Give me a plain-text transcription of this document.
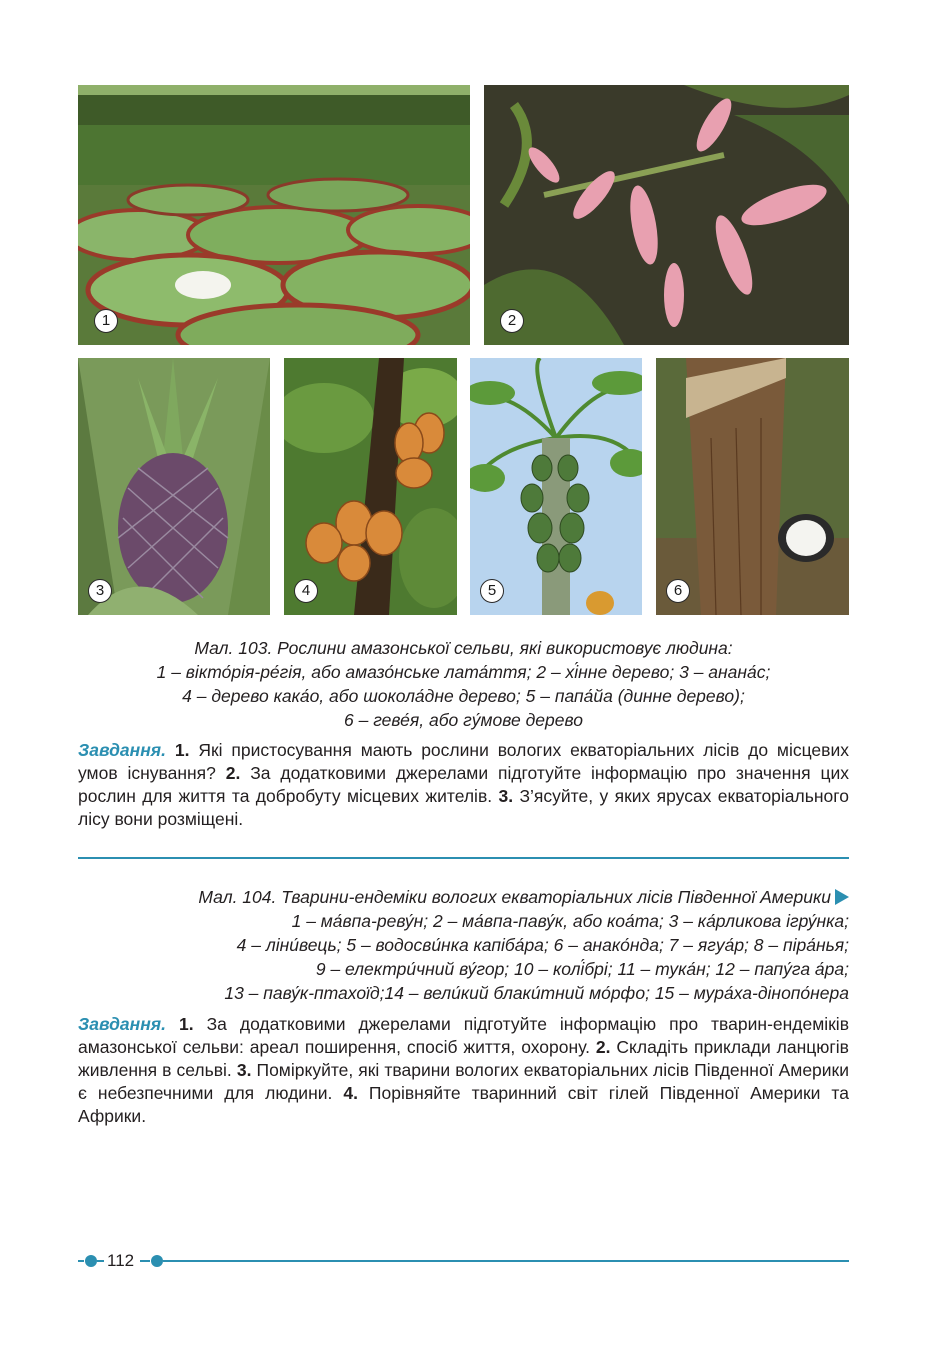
1	2
3	4	5	6
Мал. 103. Рослини амазонської сельви, які використовує людина:
1 – вікто́рія-ре́гія, або амазо́нське лата́ття; 2 – хі́нне дерево; 3 – анана́с;
4 – дерево кака́о, або шокола́дне дерево; 5 – папа́йа (динне дерево);
6 – геве́я, або гу́мове дерево
Завдання. 1. Які пристосування мають рослини вологих екваторіальних лісів до місцевих умов існування? 2. За додатковими джерелами підготуйте інформацію про значення цих рослин для життя та добробуту місцевих жителів. 3. З’ясуйте, у яких ярусах екваторіального лісу вони розміщені.
Мал. 104. Тварини-ендеміки вологих екваторіальних лісів Південної Америки
1 – ма́впа-реву́н; 2 – ма́впа-паву́к, або коа́та; 3 – ка́рликова ігру́нка;
4 – ліни́вець; 5 – водосви́нка капіба́ра; 6 – анако́нда; 7 – ягуа́р; 8 – піра́нья;
9 – електри́чний ву́гор; 10 – колі́брі; 11 – тука́н; 12 – папу́га а́ра;
13 – паву́к-птахоїд;14 – вели́кий блаки́тний мо́рфо; 15 – мура́ха-дінопо́нера
Завдання. 1. За додатковими джерелами підготуйте інформацію про тварин-ендеміків амазонської сельви: ареал поширення, спосіб життя, охорону. 2. Складіть приклади ланцюгів живлення в сельві. 3. Поміркуйте, які тварини вологих екваторіальних лісів Південної Америки є небезпечними для людини. 4. Порівняйте тваринний світ гілей Південної Америки та Африки.
112
